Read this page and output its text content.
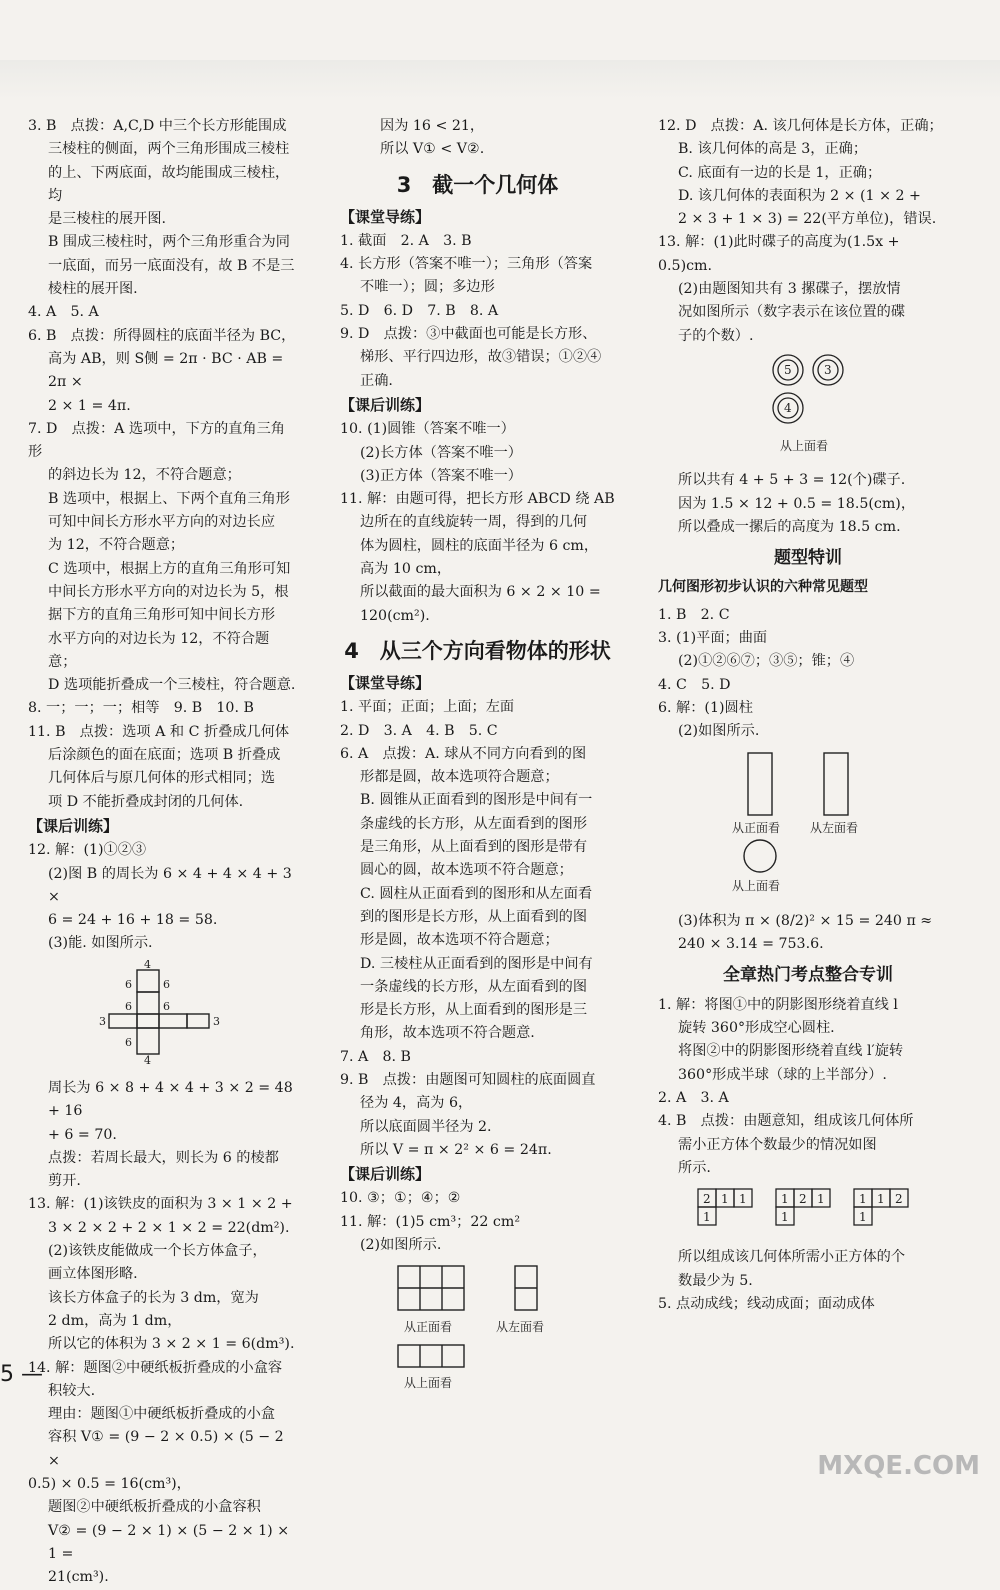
3. B　点拨：A,C,D 中三个长方形能围成

三棱柱的侧面，两个三角形围成三棱柱

的上、下两底面，故均能围成三棱柱，均

是三棱柱的展开图.

B 围成三棱柱时，两个三角形重合为同

一底面，而另一底面没有，故 B 不是三

棱柱的展开图.

4. A　5. A

6. B　点拨：所得圆柱的底面半径为 BC，

高为 AB，则 S侧 = 2π · BC · AB = 2π ×

2 × 1 = 4π.

7. D　点拨：A 选项中，下方的直角三角形

的斜边长为 12，不符合题意；

B 选项中，根据上、下两个直角三角形

可知中间长方形水平方向的对边长应

为 12，不符合题意；

C 选项中，根据上方的直角三角形可知

中间长方形水平方向的对边长为 5，根

据下方的直角三角形可知中间长方形

水平方向的对边长为 12，不符合题意；

D 选项能折叠成一个三棱柱，符合题意.

8. 一；一；一；相等　9. B　10. B

11. B　点拨：选项 A 和 C 折叠成几何体

后涂颜色的面在底面；选项 B 折叠成

几何体后与原几何体的形式相同；选

项 D 不能折叠成封闭的几何体.

【课后训练】

12. 解：(1)①②③

(2)图 B 的周长为 6 × 4 + 4 × 4 + 3 ×

6 = 24 + 16 + 18 = 58.

(3)能. 如图所示.

4
6	6
6	6
3	3
6
4

周长为 6 × 8 + 4 × 4 + 3 × 2 = 48 + 16

+ 6 = 70.

点拨：若周长最大，则长为 6 的棱都

剪开.

13. 解：(1)该铁皮的面积为 3 × 1 × 2 +

3 × 2 × 2 + 2 × 1 × 2 = 22(dm²).

(2)该铁皮能做成一个长方体盒子，

画立体图形略.

该长方体盒子的长为 3 dm，宽为

2 dm，高为 1 dm，

所以它的体积为 3 × 2 × 1 = 6(dm³).

14. 解：题图②中硬纸板折叠成的小盒容

积较大.

理由：题图①中硬纸板折叠成的小盒

容积 V① = (9 − 2 × 0.5) × (5 − 2 ×

0.5) × 0.5 = 16(cm³)，

题图②中硬纸板折叠成的小盒容积

V② = (9 − 2 × 1) × (5 − 2 × 1) × 1 =

21(cm³).

因为 16 < 21，

所以 V① < V②.

3　截一个几何体

【课堂导练】

1. 截面　2. A　3. B

4. 长方形（答案不唯一）；三角形（答案

不唯一）；圆；多边形

5. D　6. D　7. B　8. A

9. D　点拨：③中截面也可能是长方形、

梯形、平行四边形，故③错误；①②④

正确.

【课后训练】

10. (1)圆锥（答案不唯一）

(2)长方体（答案不唯一）

(3)正方体（答案不唯一）

11. 解：由题可得，把长方形 ABCD 绕 AB

边所在的直线旋转一周，得到的几何

体为圆柱，圆柱的底面半径为 6 cm，

高为 10 cm，

所以截面的最大面积为 6 × 2 × 10 =

120(cm²).

4　从三个方向看物体的形状

【课堂导练】

1. 平面；正面；上面；左面

2. D　3. A　4. B　5. C

6. A　点拨：A. 球从不同方向看到的图

形都是圆，故本选项符合题意；

B. 圆锥从正面看到的图形是中间有一

条虚线的长方形，从左面看到的图形

是三角形，从上面看到的图形是带有

圆心的圆，故本选项不符合题意；

C. 圆柱从正面看到的图形和从左面看

到的图形是长方形，从上面看到的图

形是圆，故本选项不符合题意；

D. 三棱柱从正面看到的图形是中间有

一条虚线的长方形，从左面看到的图

形是长方形，从上面看到的图形是三

角形，故本选项不符合题意.

7. A　8. B

9. B　点拨：由题图可知圆柱的底面圆直

径为 4，高为 6，

所以底面圆半径为 2.

所以 V = π × 2² × 6 = 24π.

【课后训练】

10. ③；①；④；②

11. 解：(1)5 cm³；22 cm²

(2)如图所示.

从正面看	从左面看
从上面看

12. D　点拨：A. 该几何体是长方体，正确；

B. 该几何体的高是 3，正确；

C. 底面有一边的长是 1，正确；

D. 该几何体的表面积为 2 × (1 × 2 +

2 × 3 + 1 × 3) = 22(平方单位)，错误.

13. 解：(1)此时碟子的高度为(1.5x +

0.5)cm.

(2)由题图知共有 3 摞碟子，摆放情

况如图所示（数字表示在该位置的碟

子的个数）.

5	3
4
从上面看

所以共有 4 + 5 + 3 = 12(个)碟子.

因为 1.5 × 12 + 0.5 = 18.5(cm)，

所以叠成一摞后的高度为 18.5 cm.

题型特训
几何图形初步认识的六种常见题型

1. B　2. C

3. (1)平面；曲面

(2)①②⑥⑦；③⑤；锥；④

4. C　5. D

6. 解：(1)圆柱

(2)如图所示.

从正面看 从左面看
从上面看

(3)体积为 π × (8/2)² × 15 = 240 π ≈

240 × 3.14 = 753.6.

全章热门考点整合专训

1. 解：将图①中的阴影图形绕着直线 l

旋转 360°形成空心圆柱.

将图②中的阴影图形绕着直线 l′旋转

360°形成半球（球的上半部分）.

2. A　3. A

4. B　点拨：由题意知，组成该几何体所

需小正方体个数最少的情况如图

所示.

2 1 1
1
1 2 1
1
1 1 2
1

所以组成该几何体所需小正方体的个

数最少为 5.

5. 点动成线；线动成面；面动成体

5 —
MXQE.COM
